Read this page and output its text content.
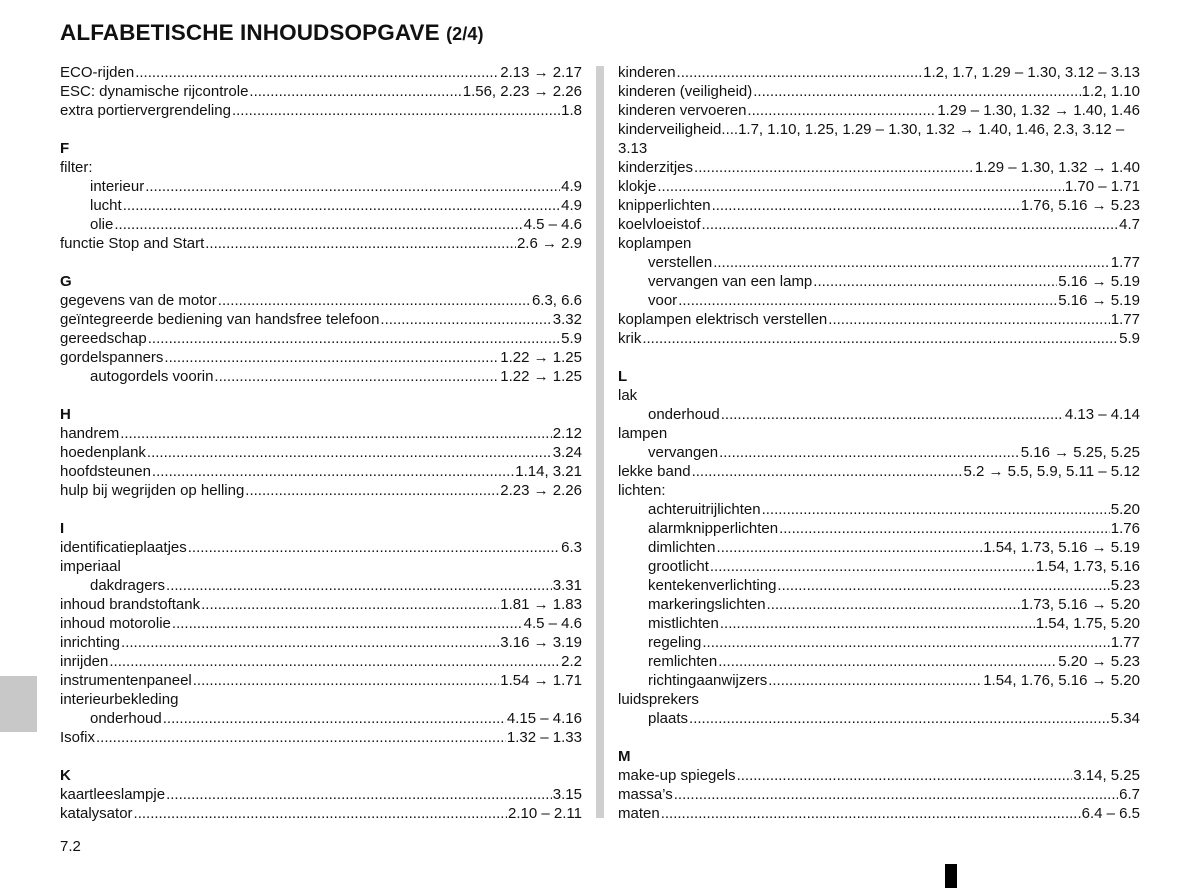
ALFABETISCHE INHOUDSOPGAVE (2/4)
ECO-rijden .....	2.13 → 2.17
ESC: dynamische rijcontrole .....	1.56, 2.23 → 2.26
extra portiervergrendeling .....	1.8
F
filter:
interieur .....	4.9
lucht .....	4.9
olie .....	4.5 – 4.6
functie Stop and Start .....	2.6 → 2.9
G
gegevens van de motor .....	6.3, 6.6
geïntegreerde bediening van handsfree telefoon .....	3.32
gereedschap .....	5.9
gordelspanners .....	1.22 → 1.25
autogordels voorin .....	1.22 → 1.25
H
handrem .....	2.12
hoedenplank .....	3.24
hoofdsteunen .....	1.14, 3.21
hulp bij wegrijden op helling .....	2.23 → 2.26
I
identificatieplaatjes .....	6.3
imperiaal
dakdragers .....	3.31
inhoud brandstoftank .....	1.81 → 1.83
inhoud motorolie .....	4.5 – 4.6
inrichting .....	3.16 → 3.19
inrijden .....	2.2
instrumentenpaneel .....	1.54 → 1.71
interieurbekleding
onderhoud .....	4.15 – 4.16
Isofix .....	1.32 – 1.33
K
kaartleeslampje .....	3.15
katalysator .....	2.10 – 2.11
kinderen .....	1.2, 1.7, 1.29 – 1.30, 3.12 – 3.13
kinderen (veiligheid) .....	1.2, 1.10
kinderen vervoeren .....	1.29 – 1.30, 1.32 → 1.40, 1.46
kinderveiligheid....1.7, 1.10, 1.25, 1.29 – 1.30, 1.32 → 1.40, 1.46, 2.3, 3.12 – 3.13
kinderzitjes .....	1.29 – 1.30, 1.32 → 1.40
klokje .....	1.70 – 1.71
knipperlichten .....	1.76, 5.16 → 5.23
koelvloeistof .....	4.7
koplampen
verstellen .....	1.77
vervangen van een lamp .....	5.16 → 5.19
voor .....	5.16 → 5.19
koplampen elektrisch verstellen .....	1.77
krik .....	5.9
L
lak
onderhoud .....	4.13 – 4.14
lampen
vervangen .....	5.16 → 5.25, 5.25
lekke band .....	5.2 → 5.5, 5.9, 5.11 – 5.12
lichten:
achteruitrijlichten .....	5.20
alarmknipperlichten .....	1.76
dimlichten .....	1.54, 1.73, 5.16 → 5.19
grootlicht .....	1.54, 1.73, 5.16
kentekenverlichting .....	5.23
markeringslichten .....	1.73, 5.16 → 5.20
mistlichten .....	1.54, 1.75, 5.20
regeling .....	1.77
remlichten .....	5.20 → 5.23
richtingaanwijzers .....	1.54, 1.76, 5.16 → 5.20
luidsprekers
plaats .....	5.34
M
make-up spiegels .....	3.14, 5.25
massa’s .....	6.7
maten .....	6.4 – 6.5
7.2
